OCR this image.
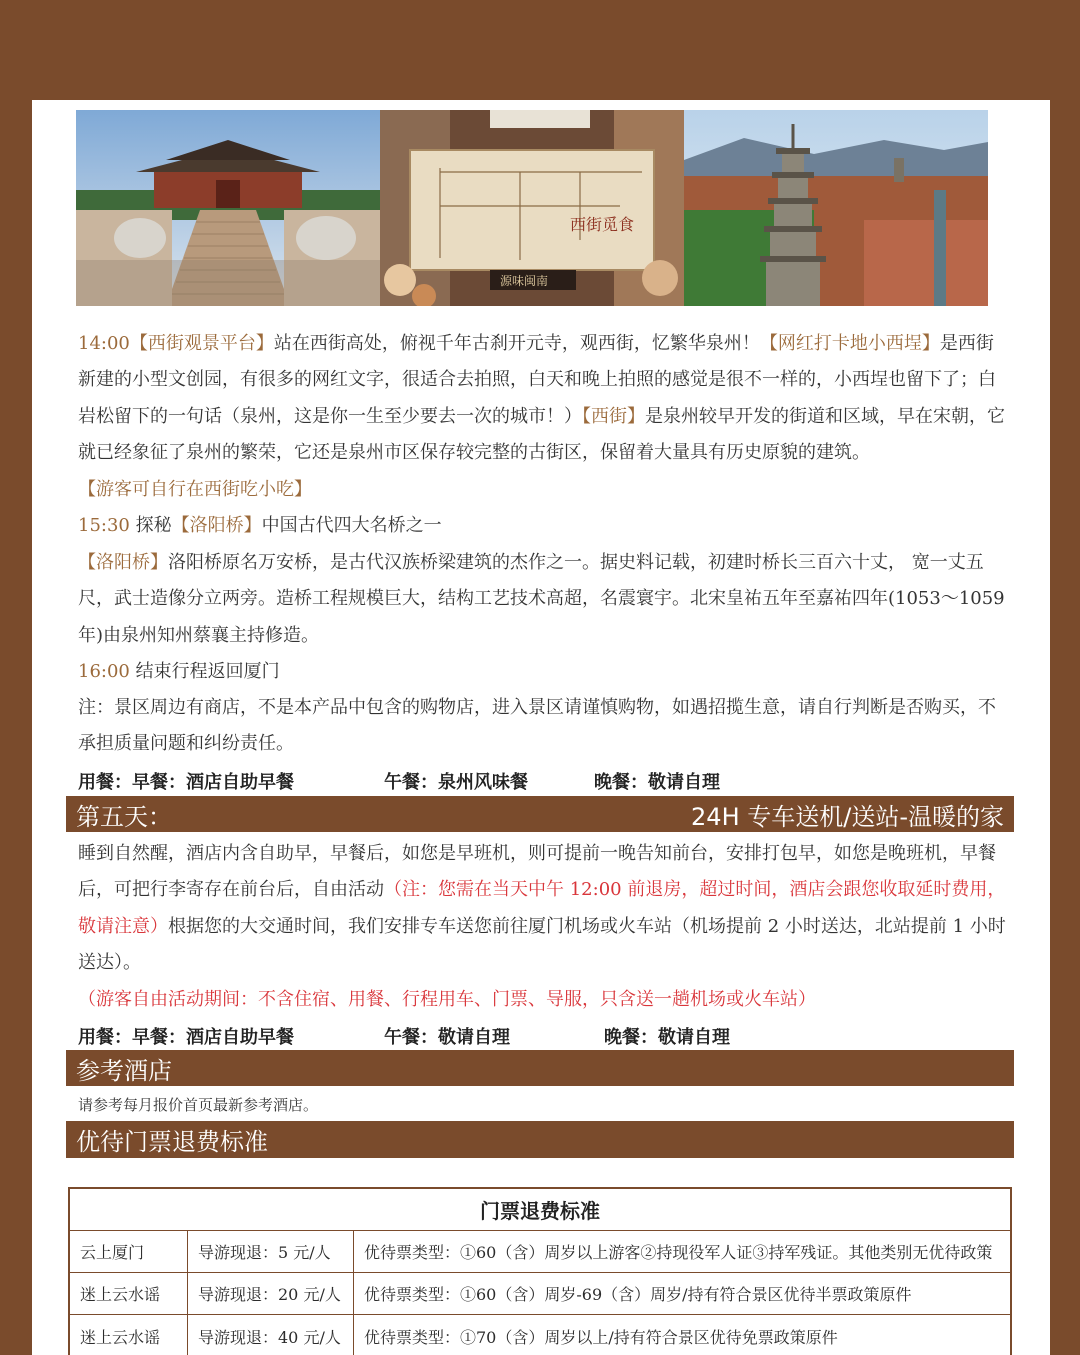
西街觅食
源味闽南
14:00【西街观景平台】站在西街高处，俯视千年古刹开元寺，观西街，忆繁华泉州！【网红打卡地小西埕】是西街新建的小型文创园，有很多的网红文字，很适合去拍照，白天和晚上拍照的感觉是很不一样的，小西埕也留下了；白岩松留下的一句话（泉州，这是你一生至少要去一次的城市！）【西街】是泉州较早开发的街道和区域，早在宋朝，它就已经象征了泉州的繁荣，它还是泉州市区保存较完整的古街区，保留着大量具有历史原貌的建筑。
【游客可自行在西街吃小吃】
15:30 探秘【洛阳桥】中国古代四大名桥之一
【洛阳桥】洛阳桥原名万安桥，是古代汉族桥梁建筑的杰作之一。据史料记载，初建时桥长三百六十丈， 宽一丈五尺，武士造像分立两旁。造桥工程规模巨大，结构工艺技术高超，名震寰宇。北宋皇祐五年至嘉祐四年(1053～1059 年)由泉州知州蔡襄主持修造。
16:00 结束行程返回厦门
注：景区周边有商店，不是本产品中包含的购物店，进入景区请谨慎购物，如遇招揽生意，请自行判断是否购买，不承担质量问题和纠纷责任。
用餐：早餐：酒店自助早餐	午餐：泉州风味餐	晚餐：敬请自理
第五天：	24H 专车送机/送站-温暖的家
睡到自然醒，酒店内含自助早，早餐后，如您是早班机，则可提前一晚告知前台，安排打包早，如您是晚班机，早餐后，可把行李寄存在前台后，自由活动（注：您需在当天中午 12:00 前退房，超过时间，酒店会跟您收取延时费用，敬请注意）根据您的大交通时间，我们安排专车送您前往厦门机场或火车站（机场提前 2 小时送达，北站提前 1 小时送达）。
（游客自由活动期间：不含住宿、用餐、行程用车、门票、导服，只含送一趟机场或火车站）
用餐：早餐：酒店自助早餐	午餐：敬请自理	晚餐：敬请自理
参考酒店
请参考每月报价首页最新参考酒店。
优待门票退费标准
门票退费标准
云上厦门	导游现退：5 元/人	优待票类型：①60（含）周岁以上游客②持现役军人证③持军残证。其他类别无优待政策
迷上云水谣	导游现退：20 元/人	优待票类型：①60（含）周岁-69（含）周岁/持有符合景区优待半票政策原件
迷上云水谣	导游现退：40 元/人	优待票类型：①70（含）周岁以上/持有符合景区优待免票政策原件
